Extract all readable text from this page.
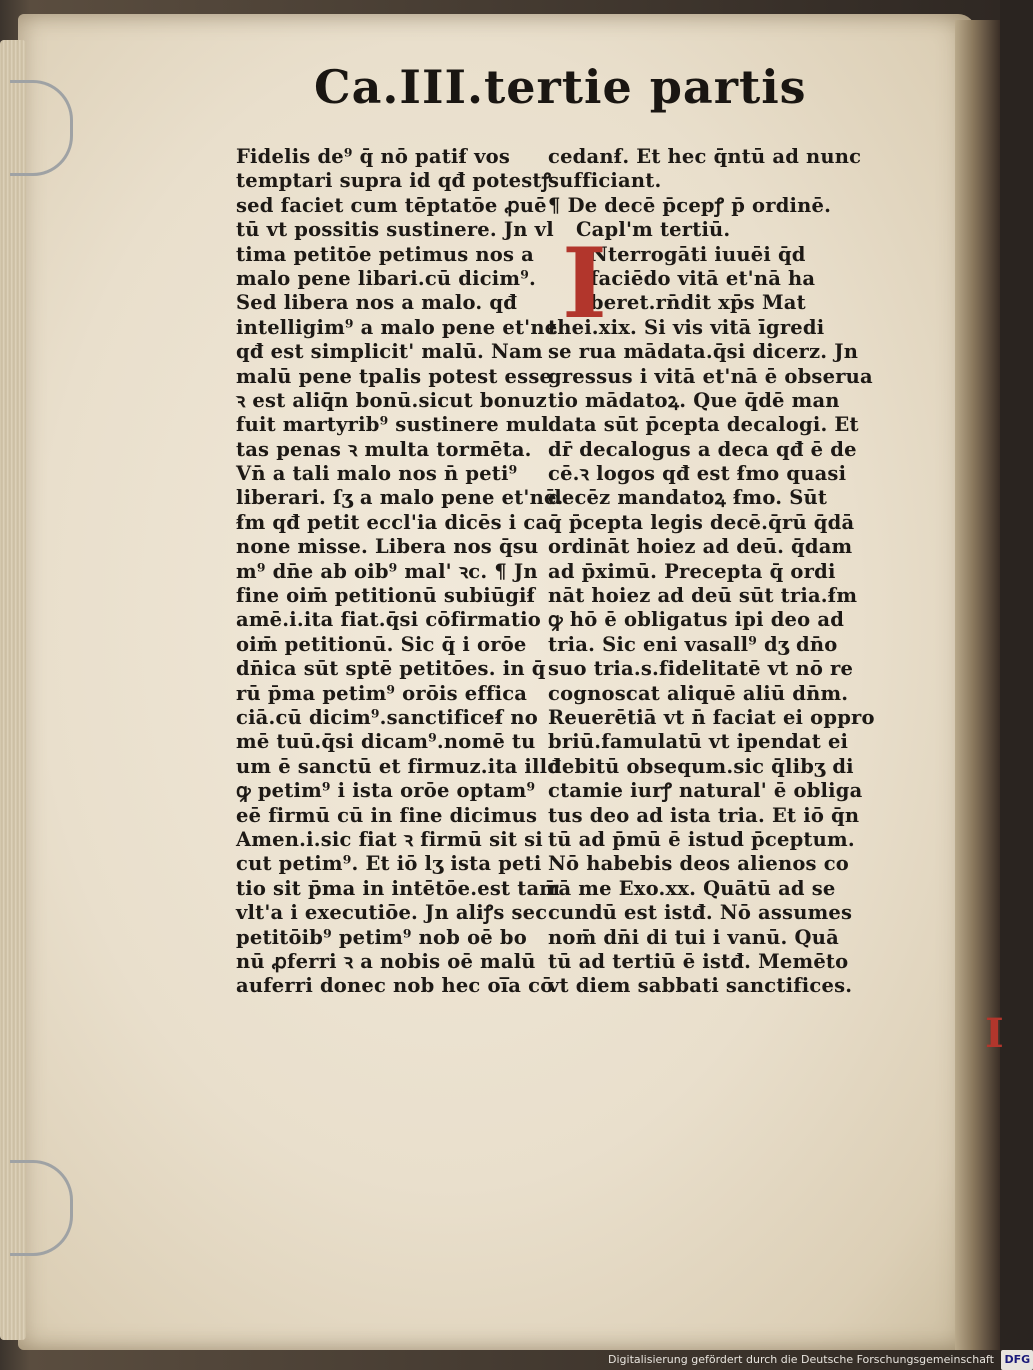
Ca.III.tertie partis
Fidelis de⁹ q̄ nō patiẜ vos
temptari supra id qđ potestꝭ
sed faciet cum tēptatōe ꝓuē
tū vt possitis sustinere. Jn vl
tima petitōe petimus nos a
malo pene libari.cū dicim⁹.
Sed libera nos a malo. qđ
intelligim⁹ a malo pene et'ne
qđ est simplicit' malū. Nam
malū pene tpalis potest esse
ꝛ est aliq̄n bonū.sicut bonuz
fuit martyrib⁹ sustinere mul
tas penas ꝛ multa tormēta.
Vn̄ a tali malo nos n̄ peti⁹
liberari. ſʒ a malo pene et'nē.
ẜm qđ petit eccl'ia dicēs i ca
none misse. Libera nos q̄su
m⁹ dn̄e ab oib⁹ mal' ꝛc. ¶ Jn
fine oim̄ petitionū subiūgiẜ
amē.i.ita fiat.q̄si cōfirmatio
oim̄ petitionū. Sic q̄ i orōe
dn̄ica sūt sptē petitōes. in q̄
rū p̄ma petim⁹ orōis effica
ciā.cū dicim⁹.sanctificeẜ no
mē tuū.q̄si dicam⁹.nomē tu
um ē sanctū et firmuz.ita illđ
ꝙ petim⁹ i ista orōe optam⁹
eē firmū cū in fine dicimus
Amen.i.sic fiat ꝛ firmū sit si
cut petim⁹. Et iō lʒ ista peti
tio sit p̄ma in intētōe.est tam̄
vlt'a i executiōe. Jn aliꝭs sec
petitōib⁹ petim⁹ nob oē bo
nū ꝓferri ꝛ a nobis oē malū
auferri donec nob hec oi̅a cō
cedanẜ. Et hec q̄ntū ad nunc
sufficiant.
¶ De decē p̄cepꝭ p̄ ordinē.
Capl'm tertiū.
Nterrogāti iuuēi q̄d
faciēdo vitā et'nā ha
beret.rn̄dit xp̄s Mat
thei.xix. Si vis vitā īgredi
se rua mādata.q̄si dicerz. Jn
gressus i vitā et'nā ē obserua
tio mādatoꝝ. Que q̄dē man
data sūt p̄cepta decalogi. Et
dr̄ decalogus a deca qđ ē de
cē.ꝛ logos qđ est ẜmo quasi
decēz mandatoꝝ ẜmo. Sūt
q̄ p̄cepta legis decē.q̄rū q̄dā
ordināt hoiez ad deū. q̄dam
ad p̄ximū. Precepta q̄ ordi
nāt hoiez ad deū sūt tria.ẜm
ꝙ hō ē obligatus ipi deo ad
tria. Sic eni vasall⁹ dʒ dn̄o
suo tria.s.fidelitatē vt nō re
cognoscat aliquē aliū dn̄m.
Reuerētiā vt n̄ faciat ei oppro
briū.famulatū vt ipendat ei
debitū obsequm.sic q̄libʒ di
ctamie iurꝭ natural' ē obliga
tus deo ad ista tria. Et iō q̄n
tū ad p̄mū ē istud p̄ceptum.
Nō habebis deos alienos co
rā me Exo.xx. Quātū ad se
cundū est istđ. Nō assumes
nom̄ dn̄i di tui i vanū. Quā
tū ad tertiū ē istđ. Memēto
vt diem sabbati sanctifices.
I
I
Digitalisierung gefördert durch die Deutsche Forschungsgemeinschaft DFG
